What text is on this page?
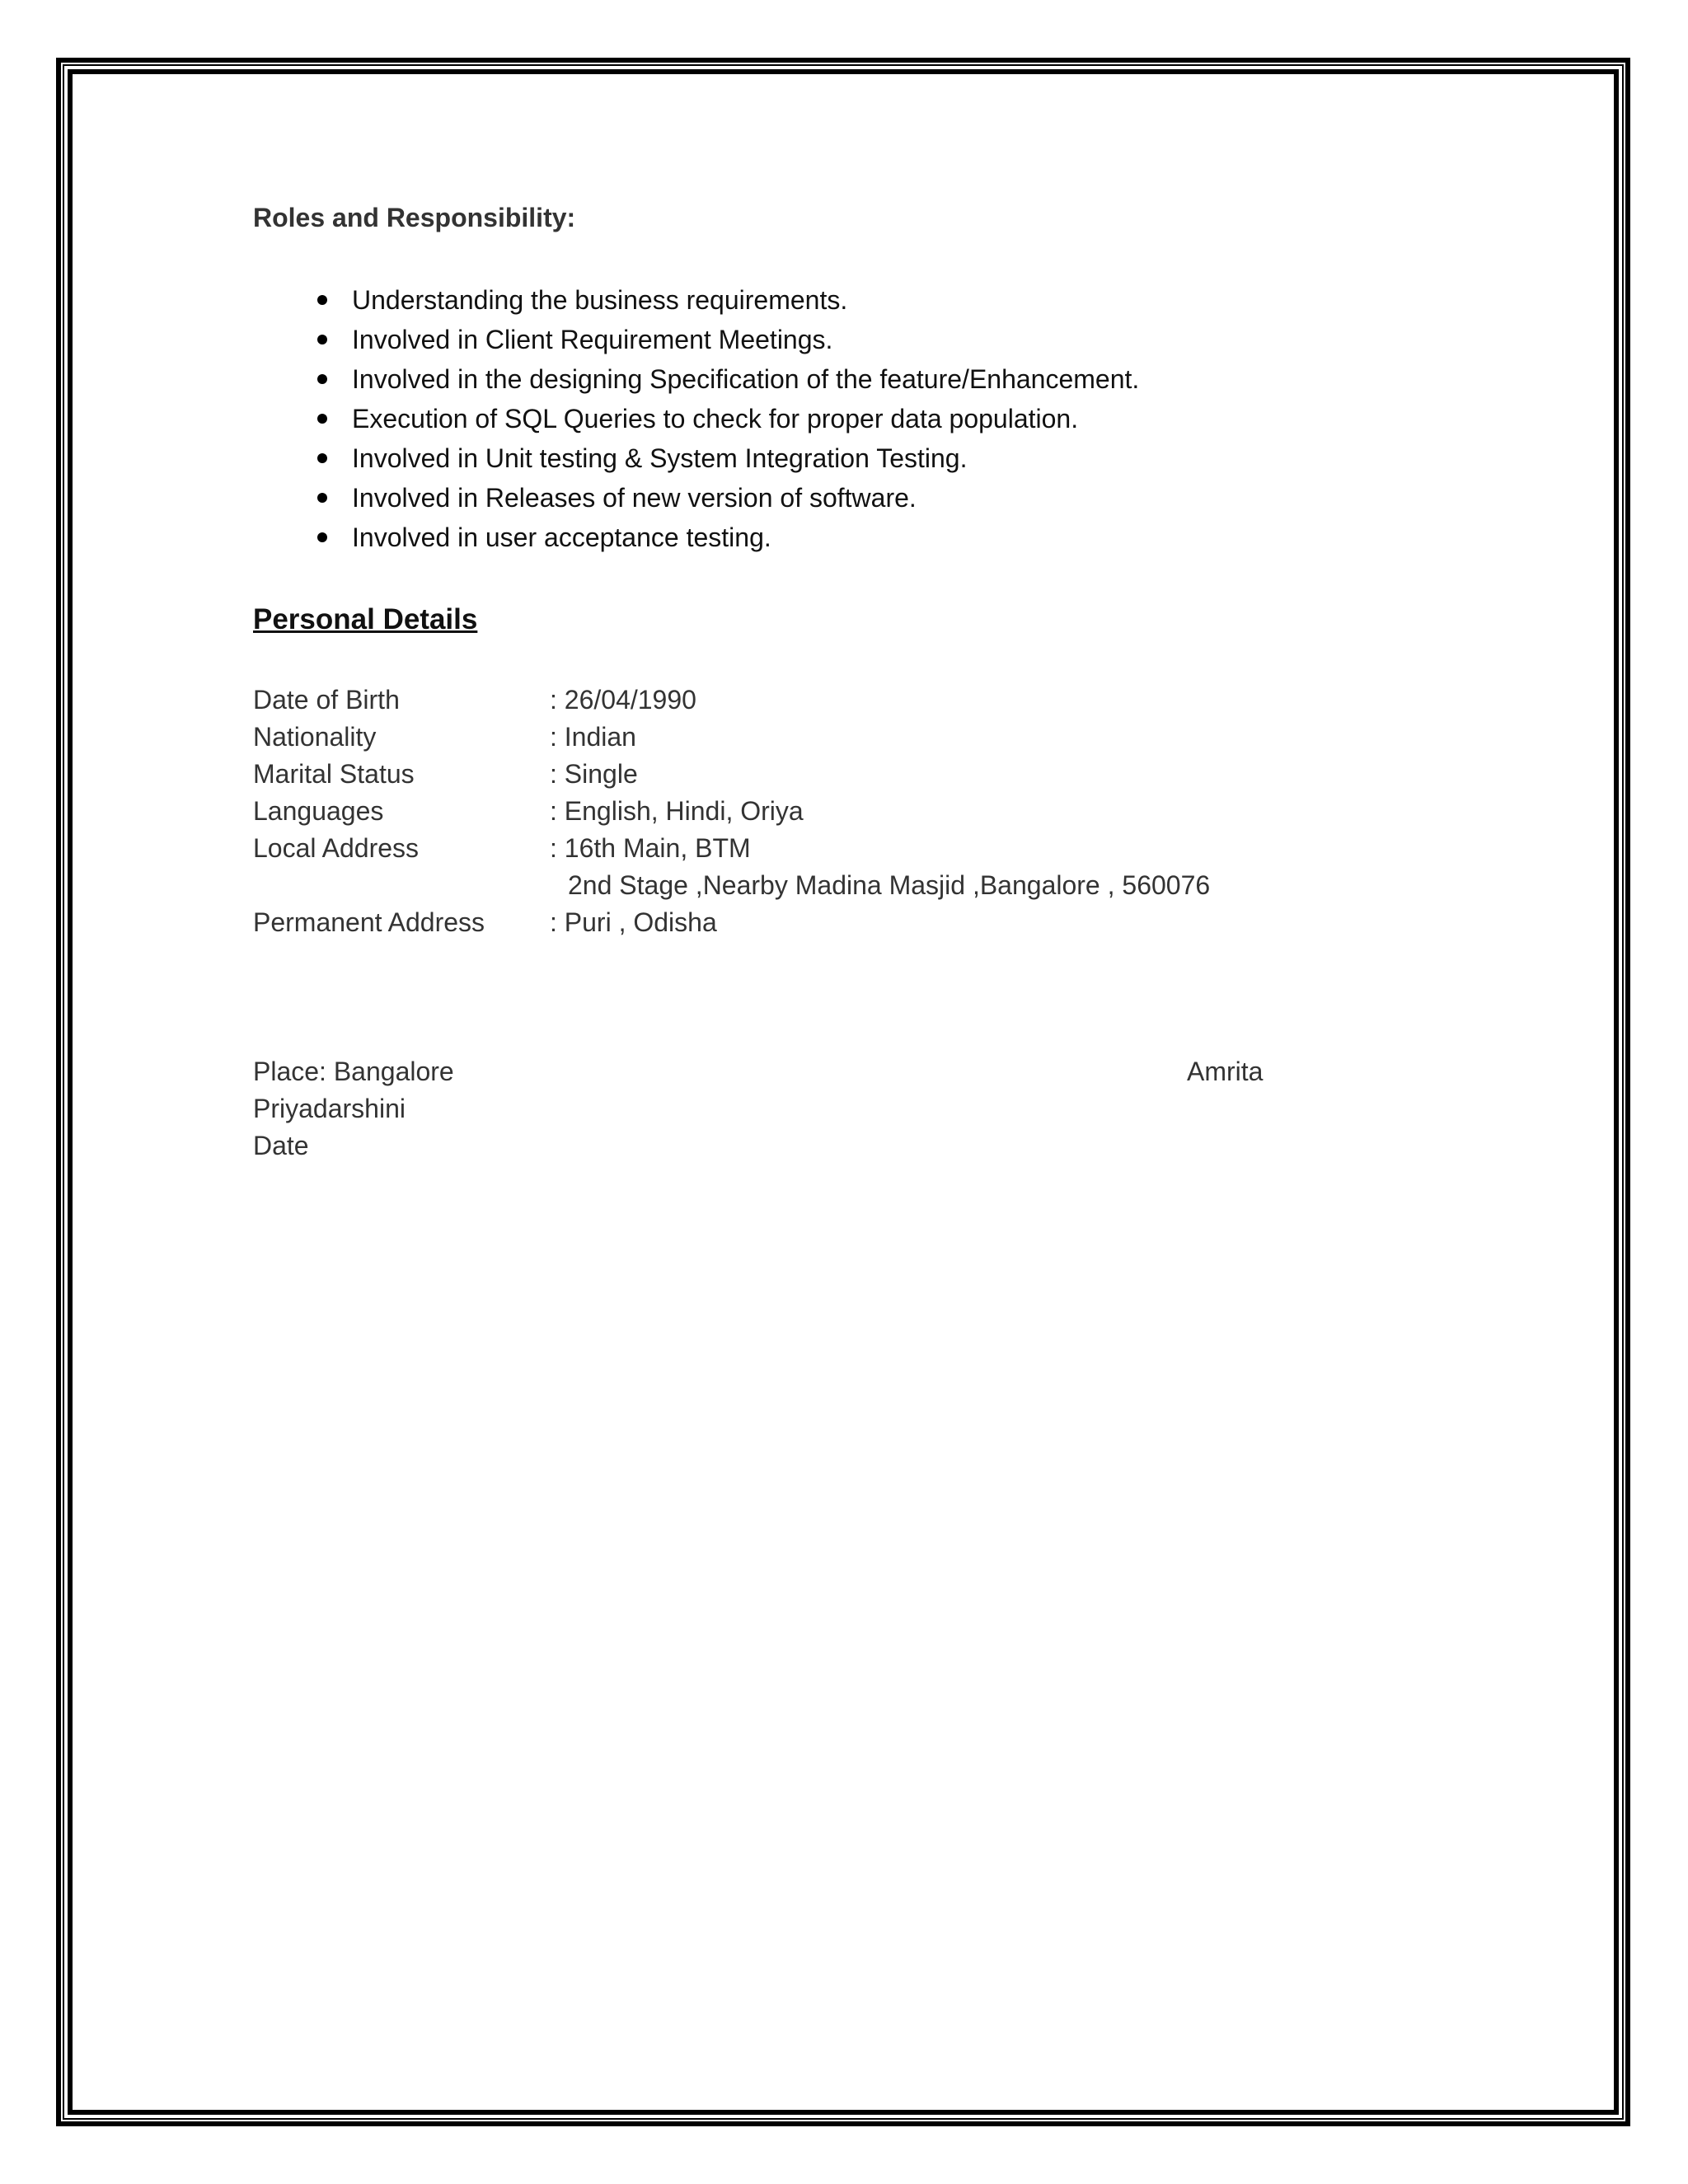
Roles and Responsibility:
Understanding the business requirements.
Involved in Client Requirement Meetings.
Involved in the designing Specification of the feature/Enhancement.
Execution of SQL Queries to check for proper data population.
Involved in Unit testing & System Integration Testing.
Involved in Releases of new version of software.
Involved in user acceptance testing.
Personal Details
Date of Birth	: 26/04/1990
Nationality	: Indian
Marital Status	: Single
Languages	: English, Hindi, Oriya
Local Address	: 16th Main, BTM
2nd Stage ,Nearby Madina Masjid ,Bangalore , 560076
Permanent Address : Puri , Odisha
Place: Bangalore	Amrita
Priyadarshini
Date
